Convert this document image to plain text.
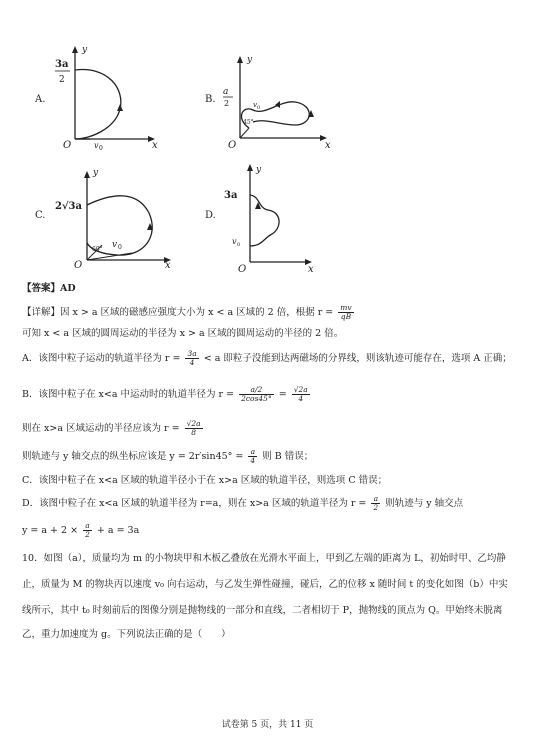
A.
y
x
O	v 0
3a
2
B.
a
2	v 0
45°
O	x
y
C.
2√3a
60° v 0
O	x
y
D.
3a
v 0
O	x
y
【答案】AD
【详解】因 x > a 区域的磁感应强度大小为 x < a 区域的 2 倍，根据 $r = \frac{mv}{qB}$
可知 x < a 区域的圆周运动的半径为 x > a 区域的圆周运动的半径的 2 倍。
A．该图中粒子运动的轨道半径为 $r = \frac{3a}{4} < a$ 即粒子没能到达两磁场的分界线，则该轨迹可能存在，选项 A 正确；
B．该图中粒子在 x<a 中运动时的轨道半径为 $r = \frac{a/2}{2\cos 45^\circ} = \frac{√2a}{4}$
则在 x>a 区域运动的半径应该为 $r = \frac{√2a}{8}$
则轨迹与 y 轴交点的纵坐标应该是 $y = 2r'\sin 45^\circ = \frac{a}{4}$ 则 B 错误；
C．该图中粒子在 x<a 区域的轨道半径小于在 x>a 区域的轨道半径，则选项 C 错误；
D．该图中粒子在 x<a 区域的轨道半径为 r=a，则在 x>a 区域的轨道半径为 $r = \frac{a}{2}$ 则轨迹与 y 轴交点
$y = a + 2 \times \frac{a}{2} + a = 3a$
10．如图（a），质量均为 m 的小物块甲和木板乙叠放在光滑水平面上，甲到乙左端的距离为 L，初始时甲、乙均静
止，质量为 M 的物块丙以速度 v₀ 向右运动，与乙发生弹性碰撞，碰后，乙的位移 x 随时间 t 的变化如图（b）中实
线所示，其中 t₀ 时刻前后的图像分别是抛物线的一部分和直线，二者相切于 P，抛物线的顶点为 Q。甲始终未脱离
乙，重力加速度为 g。下列说法正确的是（　　）
试卷第 5 页，共 11 页
